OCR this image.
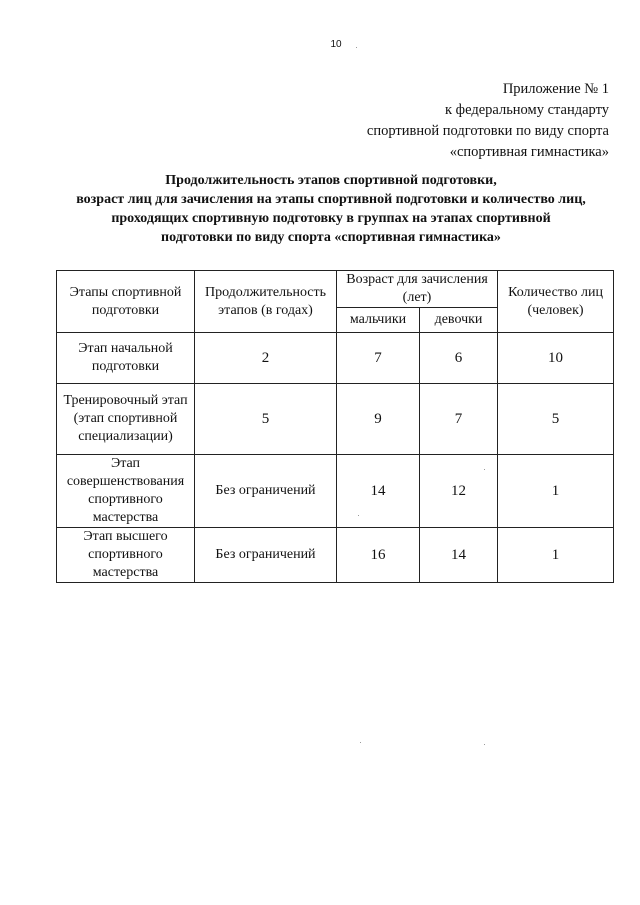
10
Приложение № 1
к федеральному стандарту
спортивной подготовки по виду спорта
«спортивная гимнастика»
Продолжительность этапов спортивной подготовки,
возраст лиц для зачисления на этапы спортивной подготовки и количество лиц,
проходящих спортивную подготовку в группах на этапах спортивной
подготовки по виду спорта «спортивная гимнастика»
Этапы спортивной подготовки	Продолжительность этапов (в годах)	Возраст для зачисления (лет)		Количество лиц (человек)
		мальчики	девочки	
Этап начальной подготовки	2	7	6	10
Тренировочный этап (этап спортивной специализации)	5	9	7	5
Этап совершенствования спортивного мастерства	Без ограничений	14	12	1
Этап высшего спортивного мастерства	Без ограничений	16	14	1
